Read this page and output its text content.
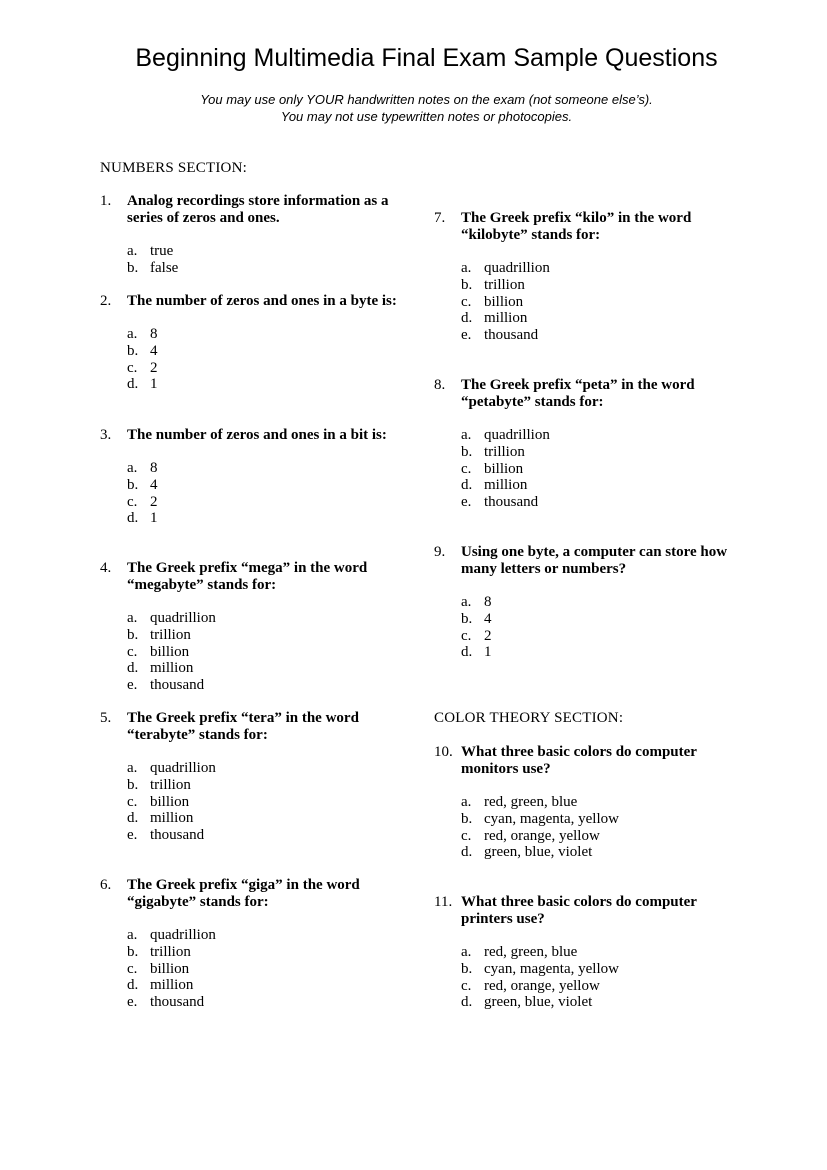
Beginning Multimedia Final Exam Sample Questions
You may use only YOUR handwritten notes on the exam (not someone else’s).
You may not use typewritten notes or photocopies.
NUMBERS SECTION:
1.	Analog recordings store information as a series of zeros and ones.
a. true
b. false
2.	The number of zeros and ones in a byte is:
a. 8
b. 4
c. 2
d. 1
3.	The number of zeros and ones in a bit is:
a. 8
b. 4
c. 2
d. 1
4.	The Greek prefix “mega” in the word “megabyte” stands for:
a. quadrillion
b. trillion
c. billion
d. million
e. thousand
5.	The Greek prefix “tera” in the word “terabyte” stands for:
a. quadrillion
b. trillion
c. billion
d. million
e. thousand
6.	The Greek prefix “giga” in the word “gigabyte” stands for:
a. quadrillion
b. trillion
c. billion
d. million
e. thousand
7.	The Greek prefix “kilo” in the word “kilobyte” stands for:
a. quadrillion
b. trillion
c. billion
d. million
e. thousand
8.	The Greek prefix “peta” in the word “petabyte” stands for:
a. quadrillion
b. trillion
c. billion
d. million
e. thousand
9.	Using one byte, a computer can store how many letters or numbers?
a. 8
b. 4
c. 2
d. 1
COLOR THEORY SECTION:
10. What three basic colors do computer monitors use?
a. red, green, blue
b. cyan, magenta, yellow
c. red, orange, yellow
d. green, blue, violet
11. What three basic colors do computer printers use?
a. red, green, blue
b. cyan, magenta, yellow
c. red, orange, yellow
d. green, blue, violet
